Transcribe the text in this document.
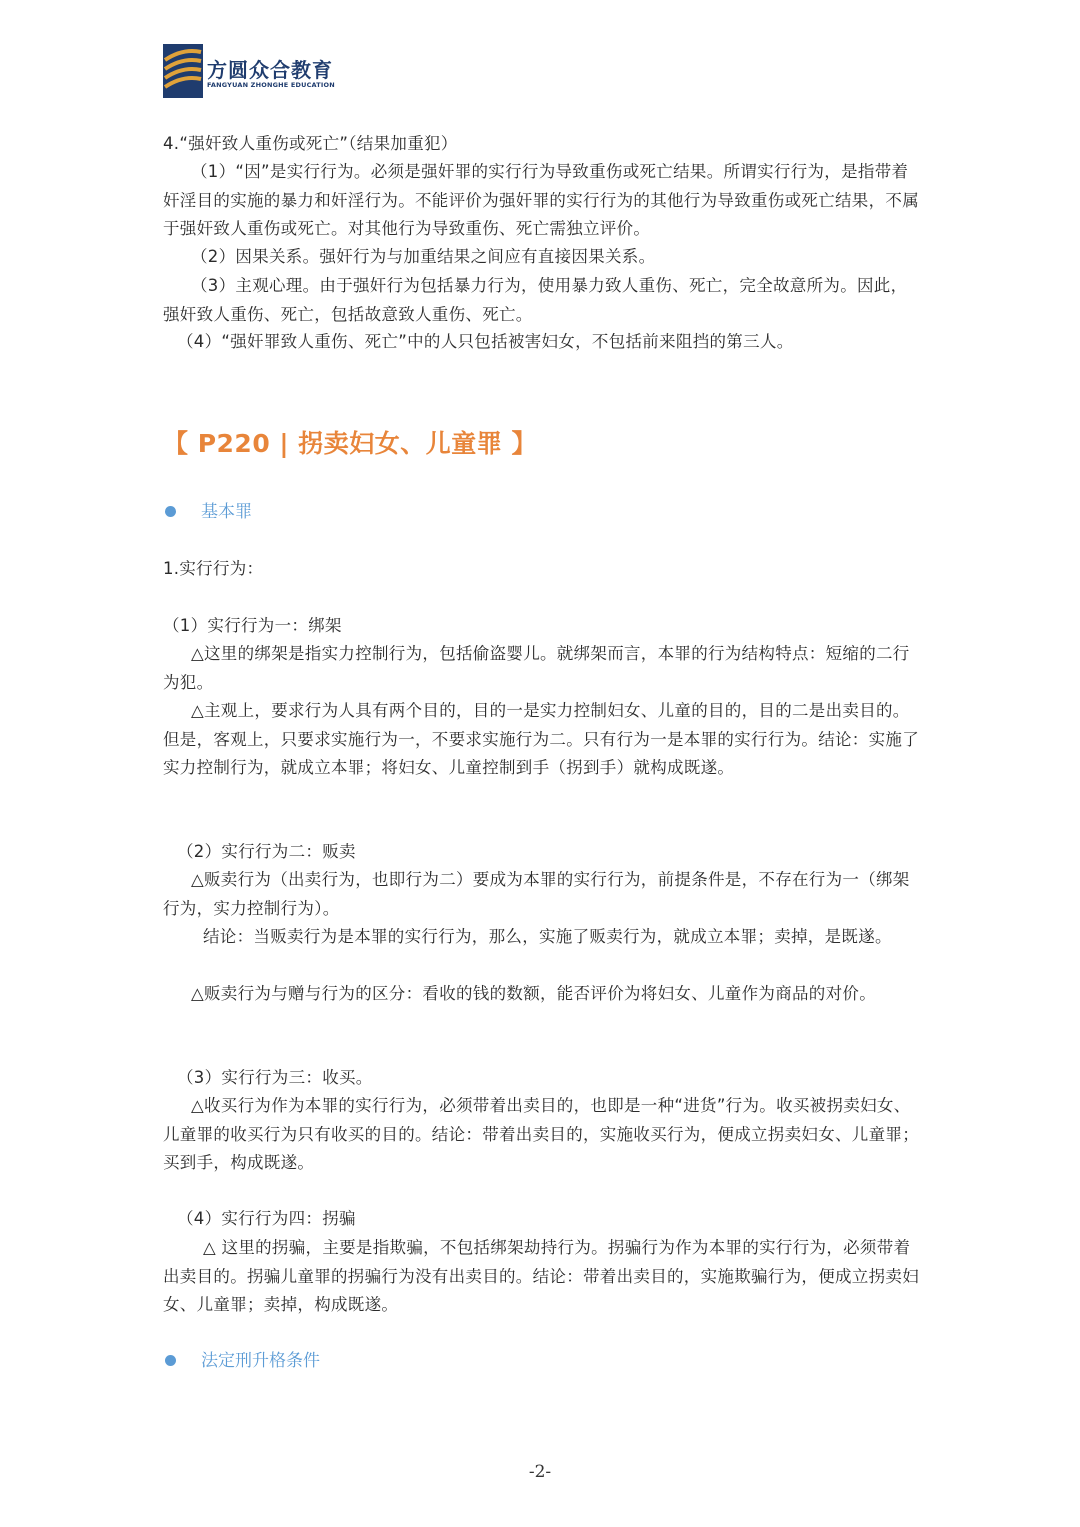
方圆众合教育
FANGYUAN ZHONGHE EDUCATION

4.“强奸致人重伤或死亡”（结果加重犯）

（1）“因”是实行行为。必须是强奸罪的实行行为导致重伤或死亡结果。所谓实行行为，是指带着奸淫目的实施的暴力和奸淫行为。不能评价为强奸罪的实行行为的其他行为导致重伤或死亡结果，不属于强奸致人重伤或死亡。对其他行为导致重伤、死亡需独立评价。

（2）因果关系。强奸行为与加重结果之间应有直接因果关系。

（3）主观心理。由于强奸行为包括暴力行为，使用暴力致人重伤、死亡，完全故意所为。因此，强奸致人重伤、死亡，包括故意致人重伤、死亡。

（4）“强奸罪致人重伤、死亡”中的人只包括被害妇女，不包括前来阻挡的第三人。

【 P220 | 拐卖妇女、儿童罪 】
基本罪

1.实行行为：

（1）实行行为一：绑架

△这里的绑架是指实力控制行为，包括偷盗婴儿。就绑架而言，本罪的行为结构特点：短缩的二行为犯。

△主观上，要求行为人具有两个目的，目的一是实力控制妇女、儿童的目的，目的二是出卖目的。但是，客观上，只要求实施行为一，不要求实施行为二。只有行为一是本罪的实行行为。结论：实施了实力控制行为，就成立本罪；将妇女、儿童控制到手（拐到手）就构成既遂。

（2）实行行为二：贩卖

△贩卖行为（出卖行为，也即行为二）要成为本罪的实行行为，前提条件是，不存在行为一（绑架行为，实力控制行为）。

结论：当贩卖行为是本罪的实行行为，那么，实施了贩卖行为，就成立本罪；卖掉，是既遂。

△贩卖行为与赠与行为的区分：看收的钱的数额，能否评价为将妇女、儿童作为商品的对价。

（3）实行行为三：收买。

△收买行为作为本罪的实行行为，必须带着出卖目的，也即是一种“进货”行为。收买被拐卖妇女、儿童罪的收买行为只有收买的目的。结论：带着出卖目的，实施收买行为，便成立拐卖妇女、儿童罪；买到手，构成既遂。

（4）实行行为四：拐骗

△ 这里的拐骗，主要是指欺骗，不包括绑架劫持行为。拐骗行为作为本罪的实行行为，必须带着出卖目的。拐骗儿童罪的拐骗行为没有出卖目的。结论：带着出卖目的，实施欺骗行为，便成立拐卖妇女、儿童罪；卖掉，构成既遂。

法定刑升格条件
-2-
